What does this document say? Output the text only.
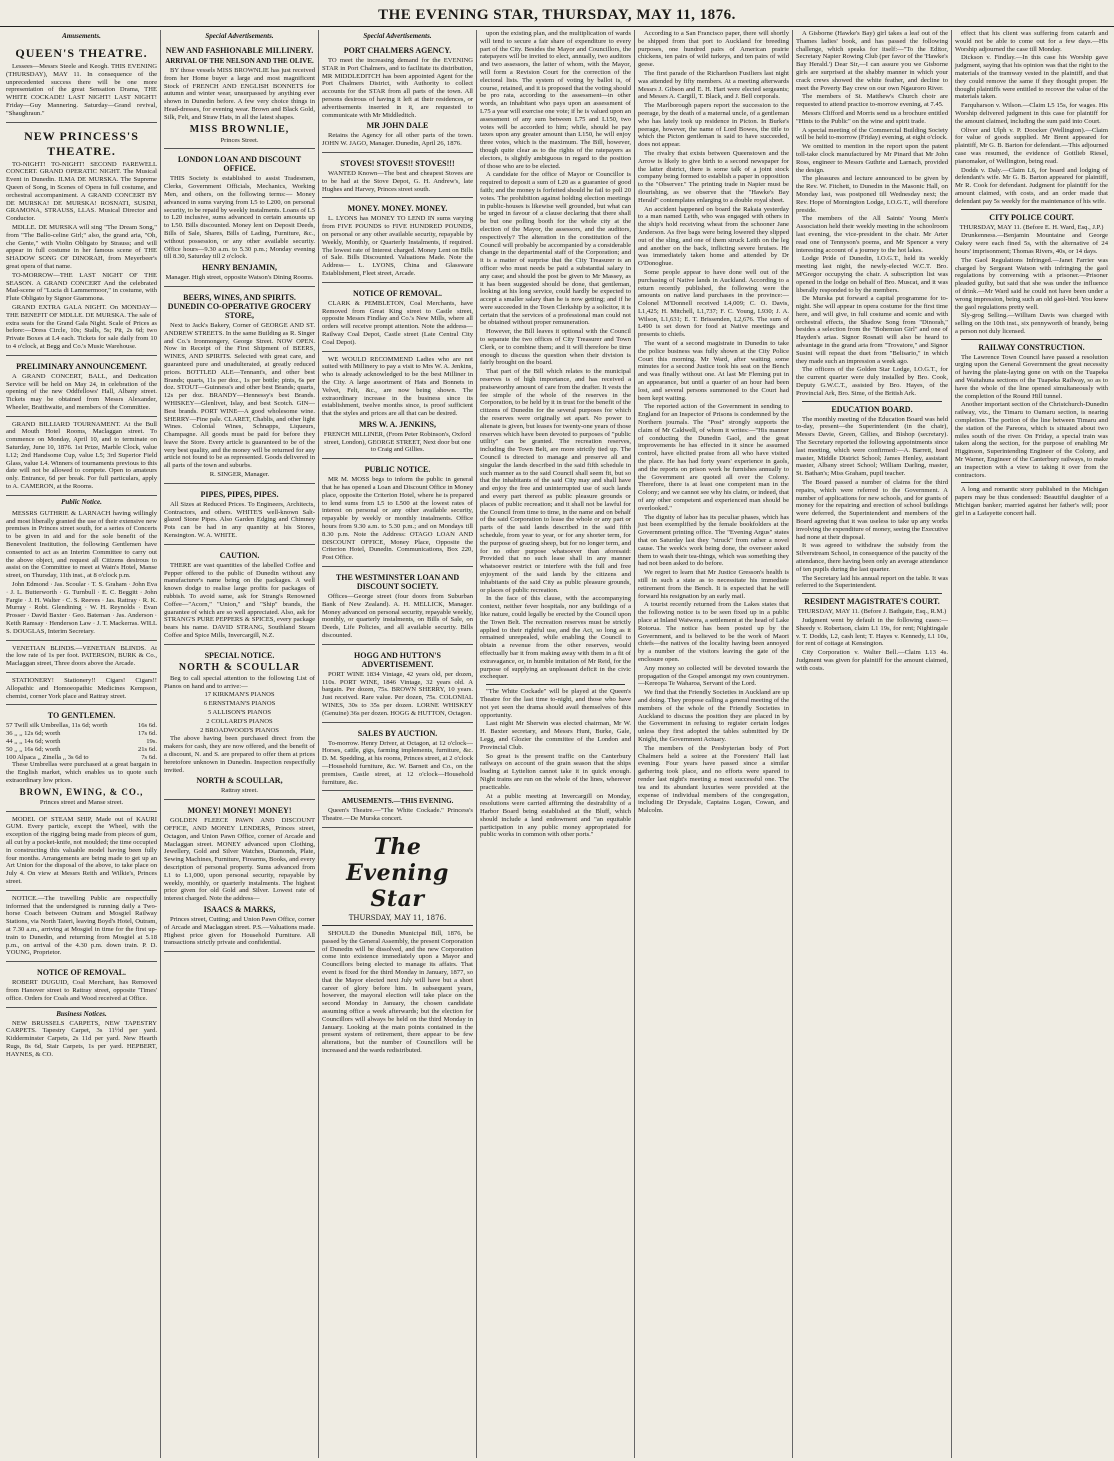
THE EVENING STAR, THURSDAY, MAY 11, 1876.
Amusements.
QUEEN'S THEATRE.

Lessees—Messrs Steele and Keogh. THIS EVENING (THURSDAY), MAY 11. In consequence of the unprecedented success there will be one more representation of the great Sensation Drama, THE WHITE COCKADE! LAST NIGHT! LAST NIGHT! Friday—Guy Mannering. Saturday—Grand revival, "Shaughraun."

NEW PRINCESS'S THEATRE.

TO-NIGHT! TO-NIGHT! SECOND FAREWELL CONCERT. GRAND OPERATIC NIGHT. The Musical Event in Dunedin. ILMA DE MURSKA. The Supreme Queen of Song, in Scenes of Opera in full costume, and orchestral accompaniment. A GRAND CONCERT BY DE MURSKA! DE MURSKA! ROSNATI, SUSINI, GRAMONA, STRAUSS, LLAS. Musical Director and Conductor.

MDLLE. DE MURSKA will sing "The Dream Song," from "The Ballo-celine Girl;" also, the grand aria, "Oh, che Gente," with Violin Obligato by Strauss; and will appear in full costume in her famous scene of THE SHADOW SONG OF DINORAH, from Meyerbeer's great opera of that name.

TO-MORROW—THE LAST NIGHT OF THE SEASON. A GRAND CONCERT And the celebrated Mad-scene of "Lucia di Lammermoor," in costume, with Flute Obligato by Signor Giammona.

GRAND EXTRA GALA NIGHT. On MONDAY—THE BENEFIT OF MDLLE. DE MURSKA. The sale of extra seats for the Grand Gala Night. Scale of Prices as before:—Dress Circle, 10s; Stalls, 5s; Pit, 2s 6d; two Private Boxes at L4 each. Tickets for sale daily from 10 to 4 o'clock, at Begg and Co.'s Music Warehouse.

PRELIMINARY ANNOUNCEMENT.

A GRAND CONCERT, BALL, and Dedication Service will be held on May 24, in celebration of the opening of the new Oddfellows' Hall, Albany street. Tickets may be obtained from Messrs Alexander, Wheeler, Braithwaite, and members of the Committee.

GRAND BILLIARD TOURNAMENT. At the Bull and Mouth Hotel Rooms, Maclaggan street. To commence on Monday, April 10, and to terminate on Saturday, June 10, 1876. 1st Prize, Marble Clock, value L12; 2nd Handsome Cup, value L5; 3rd Superior Field Glass, value L4. Winners of tournaments previous to this date will not be allowed to compete. Open to amateurs only. Entrance, 6d per break. For full particulars, apply to A. CAMERON, at the Rooms.

Public Notice.

MESSRS GUTHRIE & LARNACH having willingly and most liberally granted the use of their extensive new premises in Princes street south, for a series of Concerts to be given in aid and for the sole benefit of the Benevolent Institution, the following Gentlemen have consented to act as an Interim Committee to carry out the above object, and request all Citizens desirous to assist on the Committee to meet at Wain's Hotel, Manse street, on Thursday, 11th inst., at 8 o'clock p.m.

John Edmond · Jas. Scoular · T. S. Graham · John Eva · J. L. Butterworth · G. Turnbull · E. C. Beggitt · John Fargie · J. H. Walter · C. S. Reeves · Jas. Rattray · R. K. Murray · Robt. Glendining · W. H. Reynolds · Evan Prosser · David Baxter · Geo. Bateman · Jas. Anderson · Keith Ramsay · Henderson Law · J. T. Mackerras. WILL S. DOUGLAS, Interim Secretary.

VENETIAN BLINDS.—VENETIAN BLINDS. At the low rate of 1s per foot. PATERSON, BURK & Co., Maclaggan street, Three doors above the Arcade.

STATIONERY! Stationery!! Cigars! Cigars!! Allopathic and Homoeopathic Medicines Kempson, chemist, corner York place and Rattray street.

TO GENTLEMEN.
57 Twill silk Umbrellas, 11s 6d; worth	16s 6d.
36 ,, ,, 12s 6d; worth	17s 6d.
44 ,, ,, 14s 6d; worth	19s.
50 ,, ,, 16s 6d; worth	21s 6d.
100 Alpaca ,, Zinella ,, 3s 6d to	7s 6d.

These Umbrellas were purchased at a great bargain in the English market, which enables us to quote such extraordinary low prices.

BROWN, EWING, & CO.,

Princes street and Manse street.

MODEL OF STEAM SHIP, Made out of KAURI GUM. Every particle, except the Wheel, with the exception of the rigging being made from pieces of gum, all cut by a pocket-knife, not moulded; the time occupied in constructing this valuable model having been fully four months. Arrangements are being made to get up an Art Union for the disposal of the above, to take place on July 4. On view at Messrs Reith and Wilkie's, Princes street.

NOTICE.—The travelling Public are respectfully informed that the undersigned is running daily a Two-horse Coach between Outram and Mosgiel Railway Stations, via North Taieri, leaving Boyd's Hotel, Outram, at 7.30 a.m., arriving at Mosgiel in time for the first up-train to Dunedin, and returning from Mosgiel at 5.18 p.m., on arrival of the 4.30 p.m. down train. P. D. YOUNG, Proprietor.

NOTICE OF REMOVAL.

ROBERT DUGUID, Coal Merchant, has Removed from Hanover street to Rattray street, opposite 'Times' office. Orders for Coals and Wood received at Office.

Business Notices.

NEW BRUSSELS CARPETS, NEW TAPESTRY CARPETS. Tapestry Carpet, 3s 11½d per yard. Kidderminster Carpets, 2s 11d per yard. New Hearth Rugs, 8s 6d, Stair Carpets, 1s per yard. HEPBERT, HAYNES, & CO.

Special Advertisements.
NEW AND FASHIONABLE MILLINERY.
ARRIVAL OF THE NELSON AND THE OLIVE.

BY those vessels MISS BROWNLIE has just received from her Home buyer a large and most magnificent Stock of FRENCH AND ENGLISH BONNETS for autumn and winter wear, unsurpassed by anything ever shown in Dunedin before. A few very choice things in Head-dresses, for evening wear. Brown and Black Gold, Silk, Felt, and Straw Hats, in all the latest shapes.

MISS BROWNLIE,

Princes Street.

LONDON LOAN AND DISCOUNT OFFICE.

THIS Society is established to assist Tradesmen, Clerks, Government Officials, Mechanics, Working Men, and others, on the following terms:— Money advanced in sums varying from L5 to L200, on personal security, to be repaid by weekly instalments. Loans of L5 to L20 inclusive, sums advanced in certain amounts up to L50. Bills discounted. Money lent on Deposit Deeds, Bills of Sale, Shares, Bills of Lading, Furniture, &c., without possession, or any other available security. Office hours—9.30 a.m. to 5.30 p.m.; Monday evening till 8.30, Saturday till 2 o'clock.

HENRY BENJAMIN,

Manager. High street, opposite Watson's Dining Rooms.

BEERS, WINES, AND SPIRITS. DUNEDIN CO-OPERATIVE GROCERY STORE,

Next to Jack's Bakery, Corner of GEORGE AND ST. ANDREW STREETS. In the same Building as R. Singer and Co.'s Ironmongery, George Street. NOW OPEN. Now in Receipt of the First Shipment of BEERS, WINES, AND SPIRITS. Selected with great care, and guaranteed pure and unadulterated, at greatly reduced prices. BOTTLED ALE—Tennant's, and other best Brands; quarts, 11s per doz., 1s per bottle; pints, 6s per doz. STOUT—Guinness's and other best Brands; quarts, 12s per doz. BRANDY—Hennessy's best Brands. WHISKEY—Glenlivet, Islay, and best Scotch. GIN—Best brands. PORT WINE—A good wholesome wine. SHERRY—Fine pale. CLARET, Chablis, and other light Wines. Colonial Wines, Schnapps, Liqueurs, Champagne. All goods must be paid for before they leave the Store. Every article is guaranteed to be of the very best quality, and the money will be returned for any article not found to be as represented. Goods delivered in all parts of the town and suburbs.

R. SINGER, Manager.

PIPES, PIPES, PIPES.

All Sizes at Reduced Prices. To Engineers, Architects, Contractors, and others. WHITE'S well-known Salt-glazed Stone Pipes. Also Garden Edging and Chimney Pots can be had in any quantity at his Stores, Kensington. W. A. WHITE.

CAUTION.

THERE are vast quantities of the labelled Coffee and Pepper offered to the public of Dunedin without any manufacturer's name being on the packages. A well known dodge to realise large profits for packages of rubbish. To avoid same, ask for Strang's Renowned Coffee—"Acorn," "Union," and "Ship" brands, the guarantee of which are so well appreciated. Also, ask for STRANG'S PURE PEPPERS & SPICES, every package bears his name. DAVID STRANG, Southland Steam Coffee and Spice Mills, Invercargill, N.Z.

SPECIAL NOTICE.
NORTH & SCOULLAR

Beg to call special attention to the following List of Pianos on hand and to arrive:—

17 KIRKMAN'S PIANOS

6 ERNSTMAN'S PIANOS

5 ALLISON'S PIANOS

2 COLLARD'S PIANOS

2 BROADWOOD'S PIANOS

The above having been purchased direct from the makers for cash, they are now offered, and the benefit of a discount, N. and S. are prepared to offer them at prices heretofore unknown in Dunedin. Inspection respectfully invited.

NORTH & SCOULLAR,

Rattray street.

MONEY! MONEY! MONEY!

GOLDEN FLEECE PAWN AND DISCOUNT OFFICE, AND MONEY LENDERS, Princes street, Octagon, and Union Pawn Office, corner of Arcade and Maclaggan street. MONEY advanced upon Clothing, Jewellery, Gold and Silver Watches, Diamonds, Plate, Sewing Machines, Furniture, Firearms, Books, and every description of personal property. Sums advanced from L1 to L1,000, upon personal security, repayable by weekly, monthly, or quarterly instalments. The highest price given for old Gold and Silver. Lowest rate of interest charged. Note the address—

ISAACS & MARKS,

Princes street, Cutting; and Union Pawn Office, corner of Arcade and Maclaggan street. P.S.—Valuations made. Highest price given for Household Furniture. All transactions strictly private and confidential.

Special Advertisements.
PORT CHALMERS AGENCY.

TO meet the increasing demand for the EVENING STAR in Port Chalmers, and to facilitate its distribution, MR MIDDLEDITCH has been appointed Agent for the Port Chalmers District, with Authority to collect accounts for the STAR from all parts of the town. All persons desirous of having it left at their residences, or advertisements inserted in it, are requested to communicate with Mr Middleditch.

MR JOHN DALE

Retains the Agency for all other parts of the town. JOHN W. JAGO, Manager. Dunedin, April 26, 1876.

STOVES! STOVES!! STOVES!!!

WANTED Known—The best and cheapest Stoves are to be had at the Stove Depot, G. H. Andrew's, late Hughes and Harvey, Princes street south.

MONEY. MONEY. MONEY.

L. LYONS has MONEY TO LEND IN sums varying from FIVE POUNDS to FIVE HUNDRED POUNDS, on personal or any other available security, repayable by Weekly, Monthly, or Quarterly Instalments, if required. The lowest rate of Interest charged. Money Lent on Bills of Sale. Bills Discounted. Valuations Made. Note the Address— L. LYONS, China and Glassware Establishment, Fleet street, Arcade.

NOTICE OF REMOVAL.

CLARK & PEMBLETON, Coal Merchants, have Removed from Great King street to Castle street, opposite Messrs Findlay and Co.'s New Mills, where all orders will receive prompt attention. Note the address— Railway Coal Depot, Castle street (Late Central City Coal Depot).

WE WOULD RECOMMEND Ladies who are not suited with Millinery to pay a visit to Mrs W. A. Jenkins, who is already acknowledged to be the best Milliner in the City. A large assortment of Hats and Bonnets in Velvet, Felt, &c., are now being shown. The extraordinary increase in the business since its establishment, twelve months since, is proof sufficient that the styles and prices are all that can be desired.

MRS W. A. JENKINS,

FRENCH MILLINER, (From Peter Robinson's, Oxford street, London), GEORGE STREET, Next door but one to Craig and Gillies.

PUBLIC NOTICE.

MR M. MOSS begs to inform the public in general that he has opened a Loan and Discount Office in Money place, opposite the Criterion Hotel, where he is prepared to lend sums from L5 to L500 at the lowest rates of interest on personal or any other available security, repayable by weekly or monthly instalments. Office hours from 9.30 a.m. to 5.30 p.m.; and on Mondays till 8.30 p.m. Note the Address: OTAGO LOAN AND DISCOUNT OFFICE, Money Place, Opposite the Criterion Hotel, Dunedin. Communications, Box 220, Post Office.

THE WESTMINSTER LOAN AND DISCOUNT SOCIETY.

Offices—George street (four doors from Suburban Bank of New Zealand). A. H. MELLICK, Manager. Money advanced on personal security, repayable weekly, monthly, or quarterly instalments, on Bills of Sale, on Deeds, Life Policies, and all available security. Bills discounted.

HOGG AND HUTTON'S ADVERTISEMENT.

PORT WINE 1834 Vintage, 42 years old, per dozen, 110s. PORT WINE, 1846 Vintage, 32 years old. A bargain. Per dozen, 75s. BROWN SHERRY, 10 years. Just received. Rare value. Per dozen, 75s. COLONIAL WINES, 30s to 35s per dozen. LORNE WHISKEY (Genuine) 36s per dozen. HOGG & HUTTON, Octagon.

SALES BY AUCTION.

To-morrow. Henry Driver, at Octagon, at 12 o'clock—Horses, cattle, gigs, farming implements, furniture, &c. D. M. Spedding, at his rooms, Princes street, at 2 o'clock—Household furniture, &c. W. Barnett and Co., on the premises, Castle street, at 12 o'clock—Household furniture, &c.

AMUSEMENTS.—THIS EVENING.

Queen's Theatre.—"The White Cockade." Princess's Theatre.—De Murska concert.

The Evening Star
THURSDAY, MAY 11, 1876.

SHOULD the Dunedin Municipal Bill, 1876, be passed by the General Assembly, the present Corporation of Dunedin will be dissolved, and the new Corporation come into existence immediately upon a Mayor and Councillors being elected to manage its affairs. That event is fixed for the third Monday in January, 1877, so that the Mayor elected next July will have but a short career of glory before him. In subsequent years, however, the mayoral election will take place on the second Monday in January, the chosen candidate assuming office a week afterwards; but the election for Councillors will always be held on the third Monday in January. Looking at the main points contained in the present system of retirement, there appear to be few alterations, but the number of Councillors will be increased and the wards redistributed.

upon the existing plan, and the multiplication of wards will tend to secure a fair share of expenditure to every part of the City. Besides the Mayor and Councillors, the ratepayers will be invited to elect, annually, two auditors and two assessors, the latter of whom, with the Mayor, will form a Revision Court for the correction of the electoral lists. The system of voting by ballot is, of course, retained, and it is proposed that the voting should be pro rata, according to the assessment—in other words, an inhabitant who pays upon an assessment of L75 a year will exercise one vote; if he is valued upon an assessment of any sum between L75 and L150, two votes will be accorded to him; while, should he pay taxes upon any greater amount than L150, he will enjoy three votes, which is the maximum. The Bill, however, though quite clear as to the rights of the ratepayers as electors, is slightly ambiguous in regard to the position of those who are to be elected.

A candidate for the office of Mayor or Councillor is required to deposit a sum of L20 as a guarantee of good faith; and the money is forfeited should he fail to poll 20 votes. The prohibition against holding election meetings in public-houses is likewise well grounded, but what can be urged in favour of a clause declaring that there shall be but one polling booth for the whole city at the election of the Mayor, the assessors, and the auditors, respectively? The alteration in the constitution of the Council will probably be accompanied by a considerable change in the departmental staff of the Corporation; and it is a matter of surprise that the City Treasurer is an officer who must needs be paid a substantial salary in any case; and should the post be given to Mr Massey, as it has been suggested should be done, that gentleman, looking at his long service, could hardly be expected to accept a smaller salary than he is now getting; and if he were succeeded in the Town Clerkship by a solicitor, it is certain that the services of a professional man could not be obtained without proper remuneration.

However, the Bill leaves it optional with the Council to separate the two offices of City Treasurer and Town Clerk, or to combine them; and it will therefore be time enough to discuss the question when their division is fairly brought on the board.

That part of the Bill which relates to the municipal reserves is of high importance, and has received a praiseworthy amount of care from the drafter. It vests the fee simple of the whole of the reserves in the Corporation, to be held by it in trust for the benefit of the citizens of Dunedin for the several purposes for which the reserves were originally set apart. No power to alienate is given, but leases for twenty-one years of those reserves which have been devoted to purposes of "public utility" can be granted. The recreation reserves, including the Town Belt, are more strictly tied up. The Council is directed to manage and preserve all and singular the lands described in the said fifth schedule in such manner as to the said Council shall seem fit, but so that the inhabitants of the said City may and shall have and enjoy the free and uninterrupted use of such lands and every part thereof as public pleasure grounds or places of public recreation; and it shall not be lawful for the Council from time to time, in the name and on behalf of the said Corporation to lease the whole or any part or parts of the said lands described in the said fifth schedule, from year to year, or for any shorter term, for the purpose of grazing sheep, but for no longer term, and for no other purpose whatsoever than aforesaid: Provided that no such lease shall in any manner whatsoever restrict or interfere with the full and free enjoyment of the said lands by the citizens and inhabitants of the said City as public pleasure grounds, or places of public recreation.

In the face of this clause, with the accompanying context, neither fever hospitals, nor any buildings of a like nature, could legally be erected by the Council upon the Town Belt. The recreation reserves must be strictly applied to their rightful use, and the Act, so long as it remained unrepealed, while enabling the Council to obtain a revenue from the other reserves, would effectually bar it from making away with them in a fit of extravagance, or, in humble imitation of Mr Reid, for the purpose of supplying an unpleasant deficit in the civic exchequer.

"The White Cockade" will be played at the Queen's Theatre for the last time to-night, and those who have not yet seen the drama should avail themselves of this opportunity.

Last night Mr Sherwin was elected chairman, Mr W. H. Baxter secretary, and Messrs Hunt, Burke, Gale, Legg, and Glozier the committee of the London and Provincial Club.

So great is the present traffic on the Canterbury railways on account of the grain season that the ships loading at Lyttelton cannot take it in quick enough. Night trains are run on the whole of the lines, wherever practicable.

At a public meeting at Invercargill on Monday, resolutions were carried affirming the desirability of a Harbor Board being established at the Bluff, which should include a land endowment and "an equitable participation in any public money appropriated for public works in common with other ports."

According to a San Francisco paper, there will shortly be shipped from that port to Auckland for breeding purposes, one hundred pairs of American prairie chickens, ten pairs of wild turkeys, and ten pairs of wild geese.

The first parade of the Richardson Fusiliers last night was attended by fifty members. At a meeting afterwards Messrs J. Gibson and E. H. Hart were elected sergeants; and Messrs A. Cargill, T. Black, and J. Bell corporals.

The Marlborough papers report the succession to the peerage, by the death of a maternal uncle, of a gentleman who has lately took up residence in Picton. In Burke's peerage, however, the name of Lord Bowes, the title to which the Picton gentleman is said to have succeeded, does not appear.

The rivalry that exists between Queenstown and the Arrow is likely to give birth to a second newspaper for the latter district, there is some talk of a joint stock company being formed to establish a paper in opposition to the "Observer." The printing trade in Napier must be flourishing, as we observe that the "Hawke's Bay Herald" contemplates enlarging to a double royal sheet.

An accident happened on board the Rakaia yesterday to a man named Leith, who was engaged with others in the ship's hold receiving wheat from the schooner Jane Anderson. As five bags were being lowered they slipped out of the sling, and one of them struck Leith on the leg and another on the back, inflicting severe bruises. He was immediately taken home and attended by Dr O'Donoghue.

Some people appear to have done well out of the purchasing of Native lands in Auckland. According to a return recently published, the following were the amounts on native land purchases in the province:— Colonel M'Donnell received L4,009; C. O. Davis, L1,425; H. Mitchell, L1,737; F. C. Young, L930; J. A. Wilson, L1,631; E. T. Brissenden, L2,676. The sum of L490 is set down for food at Native meetings and presents to chiefs.

The want of a second magistrate in Dunedin to take the police business was fully shown at the City Police Court this morning. Mr Ward, after waiting some minutes for a second Justice took his seat on the Bench and was finally without one. At last Mr Fleming put in an appearance, but until a quarter of an hour had been lost, and several persons summoned to the Court had been kept waiting.

The reported action of the Government in sending to England for an Inspector of Prisons is condemned by the Northern journals. The "Post" strongly supports the claim of Mr Caldwell, of whom it writes:—"His manner of conducting the Dunedin Gaol, and the great improvements he has effected in it since he assumed control, have elicited praise from all who have visited the place. He has had forty years' experience in gaols, and the reports on prison work he furnishes annually to the Government are quoted all over the Colony. Therefore, there is at least one competent man in the Colony; and we cannot see why his claim, or indeed, that of any other competent and experienced man should be overlooked."

The dignity of labor has its peculiar phases, which has just been exemplified by the female bookfolders at the Government printing office. The "Evening Argus" states that on Saturday last they "struck" from rather a novel cause. The week's work being done, the overseer asked them to wash their tea-things, which was something they had not been asked to do before.

We regret to learn that Mr Justice Gresson's health is still in such a state as to necessitate his immediate retirement from the Bench. It is expected that he will forward his resignation by an early mail.

A tourist recently returned from the Lakes states that the following notice is to be seen fixed up in a public place at Inland Waiwera, a settlement at the head of Lake Rotorua. The notice has been posted up by the Government, and is believed to be the work of Maori chiefs—the natives of the locality having been annoyed by a number of the visitors leaving the gate of the enclosure open.

Any money so collected will be devoted towards the propagation of the Gospel amongst my own countrymen.—Kereopa Te Waharoa, Servant of the Lord.

We find that the Friendly Societies in Auckland are up and doing. They propose calling a general meeting of the members of the whole of the Friendly Societies in Auckland to discuss the position they are placed in by the Government in refusing to register certain lodges unless they first adopted the tables submitted by Dr Knight, the Government Actuary.

The members of the Presbyterian body of Port Chalmers held a soiree at the Foresters' Hall last evening. Four years have passed since a similar gathering took place, and no efforts were spared to render last night's meeting a most successful one. The tea and its abundant luxuries were provided at the expense of individual members of the congregation, including Dr Drysdale, Captains Logan, Cowan, and Malcolm.

A Gisborne (Hawke's Bay) girl takes a leaf out of the Thames ladies' book, and has passed the following challenge, which speaks for itself:—"To the Editor, Secretary Napier Rowing Club (per favor of the 'Hawke's Bay Herald.') Dear Sir,—I can assure you we Gisborne girls are surprised at the shabby manner in which your crack crews showed the white feather, and decline to meet the Poverty Bay crew on our own Ngauroro River.

The members of St. Matthew's Church choir are requested to attend practice to-morrow evening, at 7.45.

Messrs Clifford and Morris send us a brochure entitled "Hints to the Public" on the wine and spirit trade.

A special meeting of the Commercial Building Society will be held to-morrow (Friday) evening, at eight o'clock.

We omitted to mention in the report upon the patent toll-take clock manufactured by Mr Pinard that Mr John Ross, engineer to Messrs Guthrie and Larnach, provided the design.

The pleasures and lecture announced to be given by the Rev. W. Fitchett, to Dunedin in the Masonic Hall, on Monday last, was postponed till Wednesday next; the Rev. Hope of Mornington Lodge, I.O.G.T., will therefore preside.

The members of the All Saints' Young Men's Association held their weekly meeting in the schoolroom last evening, the vice-president in the chair. Mr Arter read one of Tennyson's poems, and Mr Spencer a very interesting account of a journey to the hot lakes.

Lodge Pride of Dunedin, I.O.G.T., held its weekly meeting last night, the newly-elected W.C.T. Bro. M'Gregor occupying the chair. A subscription list was opened in the lodge on behalf of Bro. Muscat, and it was liberally responded to by the members.

De Murska put forward a capital programme for to-night. She will appear in opera costume for the first time here, and will give, in full costume and scenic and with orchestral effects, the Shadow Song from "Dinorah," besides a selection from the "Bohemian Girl" and one of Hayden's arias. Signor Rosnati will also be heard to advantage in the grand aria from "Trovatore," and Signor Susini will repeat the duet from "Belisario," in which they made such an impression a week ago.

The officers of the Golden Star Lodge, I.O.G.T., for the current quarter were duly installed by Bro. Cook, Deputy G.W.C.T., assisted by Bro. Hayes, of the Provincial Ark, Bro. Sime, of the British Ark.

EDUCATION BOARD.

The monthly meeting of the Education Board was held to-day, present—the Superintendent (in the chair), Messrs Davie, Green, Gillies, and Bishop (secretary). The Secretary reported the following appointments since last meeting, which were confirmed:—A. Barrett, head master, Middle District School; James Henley, assistant master, Albany street School; William Darling, master, St. Bathan's; Miss Graham, pupil teacher.

The Board passed a number of claims for the third repairs, which were referred to the Government. A number of applications for new schools, and for grants of money for the repairing and erection of school buildings were deferred, the Superintendent and members of the Board agreeing that it was useless to take up any works involving the expenditure of money, seeing the Executive had none at their disposal.

It was agreed to withdraw the subsidy from the Silverstream School, in consequence of the paucity of the attendance, there having been only an average attendance of ten pupils during the last quarter.

The Secretary laid his annual report on the table. It was referred to the Superintendent.

RESIDENT MAGISTRATE'S COURT.

THURSDAY, MAY 11. (Before J. Bathgate, Esq., R.M.)

Judgment went by default in the following cases:—Sheedy v. Robertson, claim L1 19s, for rent; Nightingale v. T. Dodds, L2, cash lent; T. Hayes v. Kennedy, L1 10s, for rent of cottage at Kensington.

City Corporation v. Walter Bell.—Claim L13 4s. Judgment was given for plaintiff for the amount claimed, with costs.

effect that his client was suffering from catarrh and would not be able to come out for a few days.—His Worship adjourned the case till Monday.

Dickson v. Findlay.—In this case his Worship gave judgment, saying that his opinion was that the right to the materials of the tramway vested in the plaintiff, and that they could remove the same if they thought proper. He thought plaintiffs were entitled to recover the value of the materials taken.

Farquharson v. Wilson.—Claim L5 15s, for wages. His Worship delivered judgment in this case for plaintiff for the amount claimed, including the sum paid into Court.

Oliver and Ulph v. P. Doocker (Wellington).—Claim for value of goods supplied. Mr Brent appeared for plaintiff, Mr G. B. Barton for defendant.—This adjourned case was resumed, the evidence of Gottlieb Riesel, pianomaker, of Wellington, being read.

Dodds v. Daly.—Claim L6, for board and lodging of defendant's wife. Mr G. B. Barton appeared for plaintiff, Mr R. Cook for defendant. Judgment for plaintiff for the amount claimed, with costs, and an order made that defendant pay 5s weekly for the maintenance of his wife.

CITY POLICE COURT.

THURSDAY, MAY 11. (Before E. H. Ward, Esq., J.P.)

Drunkenness.—Benjamin Mountaine and George Oakey were each fined 5s, with the alternative of 24 hours' imprisonment; Thomas Rivers, 40s, or 14 days.

The Gaol Regulations Infringed.—Janet Farrier was charged by Sergeant Watson with infringing the gaol regulations by conversing with a prisoner.—Prisoner pleaded guilty, but said that she was under the influence of drink.—Mr Ward said he could not have been under a wrong impression, being such an old gaol-bird. You knew the gaol regulations pretty well.

Sly-grog Selling.—William Davis was charged with selling on the 10th inst., six pennyworth of brandy, being a person not duly licensed.

RAILWAY CONSTRUCTION.

The Lawrence Town Council have passed a resolution urging upon the General Government the great necessity of having the plate-laying gone on with on the Tuapeka and Waitahuna sections of the Tuapeka Railway, so as to have the whole of the line opened simultaneously with the completion of the Round Hill tunnel.

Another important section of the Christchurch-Dunedin railway, viz., the Timaru to Oamaru section, is nearing completion. The portion of the line between Timaru and the station of the Pareora, which is situated about two miles south of the river. On Friday, a special train was taken along the section, for the purpose of enabling Mr Higginson, Superintending Engineer of the Colony, and Mr Warner, Engineer of the Canterbury railways, to make an inspection with a view to taking it over from the contractors.

A long and romantic story published in the Michigan papers may be thus condensed: Beautiful daughter of a Michigan banker; married against her father's will; poor girl in a Lafayette concert hall.
